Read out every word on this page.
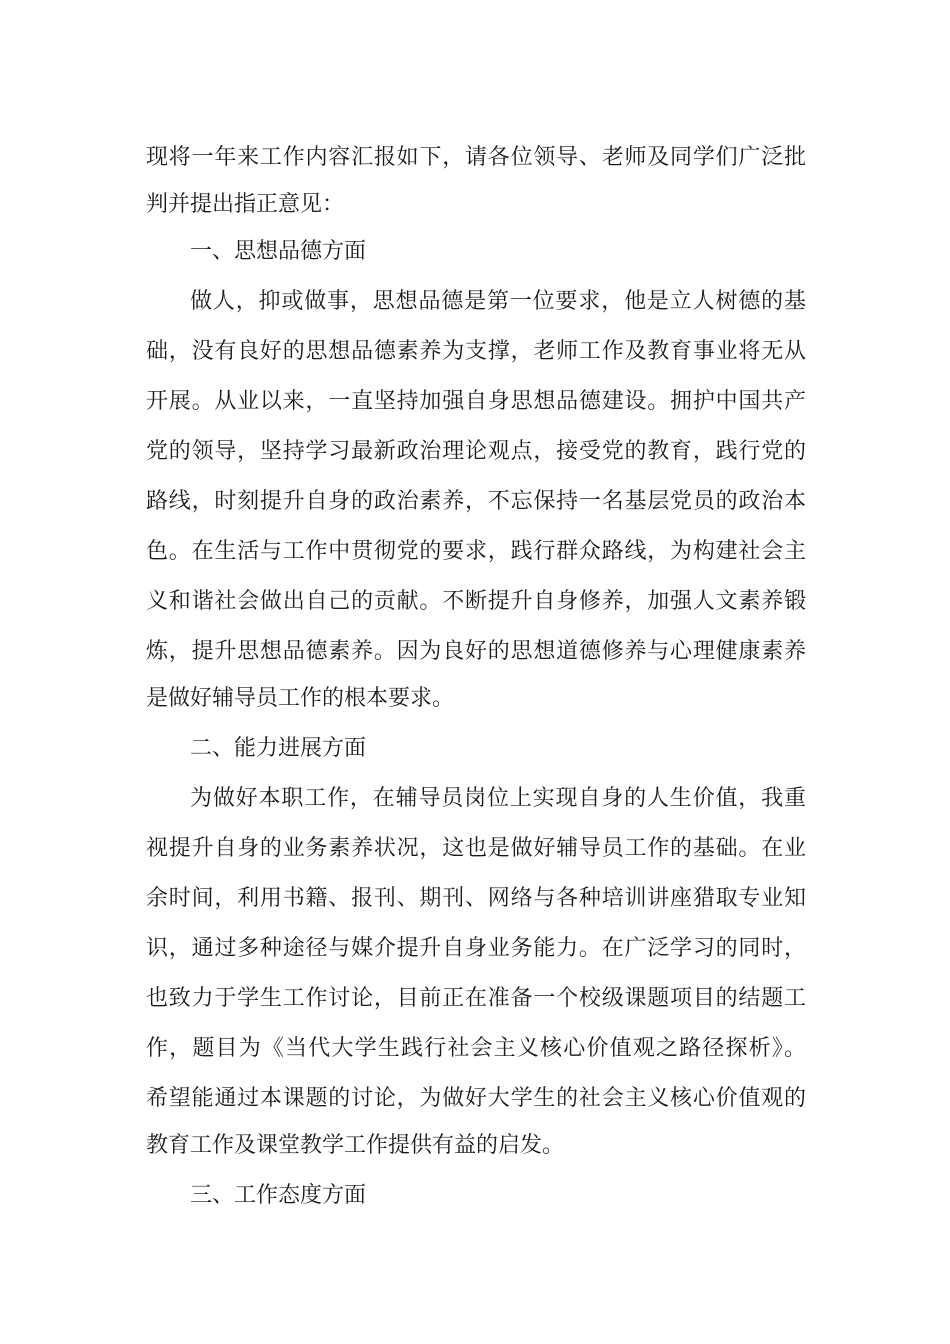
现将一年来工作内容汇报如下，请各位领导、老师及同学们广泛批
判并提出指正意见：
一、思想品德方面
做人，抑或做事，思想品德是第一位要求，他是立人树德的基
础，没有良好的思想品德素养为支撑，老师工作及教育事业将无从
开展。从业以来，一直坚持加强自身思想品德建设。拥护中国共产
党的领导，坚持学习最新政治理论观点，接受党的教育，践行党的
路线，时刻提升自身的政治素养，不忘保持一名基层党员的政治本
色。在生活与工作中贯彻党的要求，践行群众路线，为构建社会主
义和谐社会做出自己的贡献。不断提升自身修养，加强人文素养锻
炼，提升思想品德素养。因为良好的思想道德修养与心理健康素养
是做好辅导员工作的根本要求。
二、能力进展方面
为做好本职工作，在辅导员岗位上实现自身的人生价值，我重
视提升自身的业务素养状况，这也是做好辅导员工作的基础。在业
余时间，利用书籍、报刊、期刊、网络与各种培训讲座猎取专业知
识，通过多种途径与媒介提升自身业务能力。在广泛学习的同时，
也致力于学生工作讨论，目前正在准备一个校级课题项目的结题工
作，题目为《当代大学生践行社会主义核心价值观之路径探析》。
希望能通过本课题的讨论，为做好大学生的社会主义核心价值观的
教育工作及课堂教学工作提供有益的启发。
三、工作态度方面
